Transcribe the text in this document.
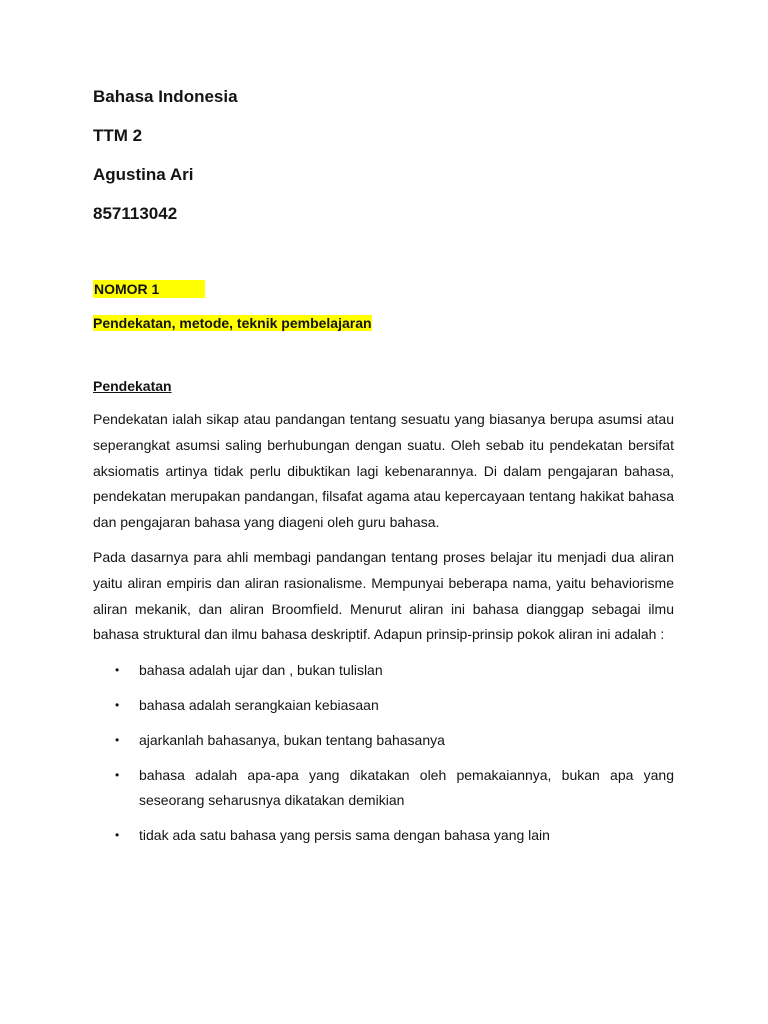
Bahasa Indonesia
TTM 2
Agustina Ari
857113042
NOMOR 1
Pendekatan, metode, teknik pembelajaran
Pendekatan

Pendekatan ialah sikap atau pandangan tentang sesuatu yang biasanya berupa asumsi atau seperangkat asumsi saling berhubungan dengan suatu. Oleh sebab itu pendekatan bersifat aksiomatis artinya tidak perlu dibuktikan lagi kebenarannya. Di dalam pengajaran bahasa, pendekatan merupakan pandangan, filsafat agama atau kepercayaan tentang hakikat bahasa dan pengajaran bahasa yang diageni oleh guru bahasa.

Pada dasarnya para ahli membagi pandangan tentang proses belajar itu menjadi dua aliran yaitu aliran empiris dan aliran rasionalisme. Mempunyai beberapa nama, yaitu behaviorisme aliran mekanik, dan aliran Broomfield. Menurut aliran ini bahasa dianggap sebagai ilmu bahasa struktural dan ilmu bahasa deskriptif. Adapun prinsip-prinsip pokok aliran ini adalah :

• bahasa adalah ujar dan , bukan tulislan
• bahasa adalah serangkaian kebiasaan
• ajarkanlah bahasanya, bukan tentang bahasanya
• bahasa adalah apa-apa yang dikatakan oleh pemakaiannya, bukan apa yang seseorang seharusnya dikatakan demikian
• tidak ada satu bahasa yang persis sama dengan bahasa yang lain
